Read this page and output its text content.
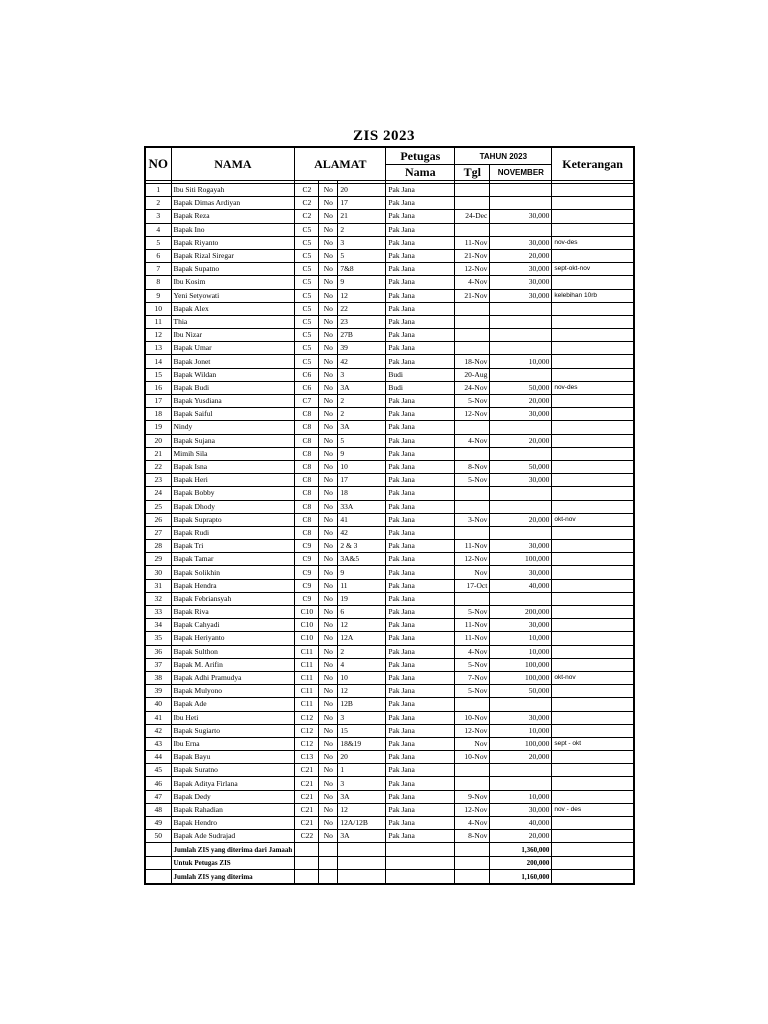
ZIS 2023
NO	NAMA	ALAMAT			Petugas	TAHUN 2023		Keterangan
					Nama	Tgl	NOVEMBER	

1	Ibu Siti Rogayah	C2	No	20	Pak Jana			
2	Bapak Dimas Ardiyan	C2	No	17	Pak Jana			
3	Bapak Reza	C2	No	21	Pak Jana	24-Dec	30,000	
4	Bapak Ino	C5	No	2	Pak Jana			
5	Bapak Riyanto	C5	No	3	Pak Jana	11-Nov	30,000	nov-des
6	Bapak Rizal Siregar	C5	No	5	Pak Jana	21-Nov	20,000	
7	Bapak Supatno	C5	No	7&8	Pak Jana	12-Nov	30,000	sept-okt-nov
8	Ibu Kosim	C5	No	9	Pak Jana	4-Nov	30,000	
9	Yeni Setyowati	C5	No	12	Pak Jana	21-Nov	30,000	kelebihan 10rb
10	Bapak Alex	C5	No	22	Pak Jana			
11	Thia	C5	No	23	Pak Jana			
12	Ibu Nizar	C5	No	27B	Pak Jana			
13	Bapak Umar	C5	No	39	Pak Jana			
14	Bapak Jonet	C5	No	42	Pak Jana	18-Nov	10,000	
15	Bapak Wildan	C6	No	3	Budi	20-Aug		
16	Bapak Budi	C6	No	3A	Budi	24-Nov	50,000	nov-des
17	Bapak Yusdiana	C7	No	2	Pak Jana	5-Nov	20,000	
18	Bapak Saiful	C8	No	2	Pak Jana	12-Nov	30,000	
19	Nindy	C8	No	3A	Pak Jana			
20	Bapak Sujana	C8	No	5	Pak Jana	4-Nov	20,000	
21	Mimih Sila	C8	No	9	Pak Jana			
22	Bapak Isna	C8	No	10	Pak Jana	8-Nov	50,000	
23	Bapak Heri	C8	No	17	Pak Jana	5-Nov	30,000	
24	Bapak Bobby	C8	No	18	Pak Jana			
25	Bapak Dhody	C8	No	33A	Pak Jana			
26	Bapak Suprapto	C8	No	41	Pak Jana	3-Nov	20,000	okt-nov
27	Bapak Rudi	C8	No	42	Pak Jana			
28	Bapak Tri	C9	No	2 & 3	Pak Jana	11-Nov	30,000	
29	Bapak Tamar	C9	No	3A&5	Pak Jana	12-Nov	100,000	
30	Bapak Solikhin	C9	No	9	Pak Jana	Nov	30,000	
31	Bapak Hendra	C9	No	11	Pak Jana	17-Oct	40,000	
32	Bapak Febriansyah	C9	No	19	Pak Jana			
33	Bapak Riva	C10	No	6	Pak Jana	5-Nov	200,000	
34	Bapak Cahyadi	C10	No	12	Pak Jana	11-Nov	30,000	
35	Bapak Heriyanto	C10	No	12A	Pak Jana	11-Nov	10,000	
36	Bapak Sulthon	C11	No	2	Pak Jana	4-Nov	10,000	
37	Bapak M. Arifin	C11	No	4	Pak Jana	5-Nov	100,000	
38	Bapak Adhi Pramudya	C11	No	10	Pak Jana	7-Nov	100,000	okt-nov
39	Bapak Mulyono	C11	No	12	Pak Jana	5-Nov	50,000	
40	Bapak Ade	C11	No	12B	Pak Jana			
41	Ibu Heti	C12	No	3	Pak Jana	10-Nov	30,000	
42	Bapak Sugiarto	C12	No	15	Pak Jana	12-Nov	10,000	
43	Ibu Erna	C12	No	18&19	Pak Jana	Nov	100,000	sept - okt
44	Bapak Bayu	C13	No	20	Pak Jana	10-Nov	20,000	
45	Bapak Suratno	C21	No	1	Pak Jana			
46	Bapak Aditya Firlana	C21	No	3	Pak Jana			
47	Bapak Dedy	C21	No	3A	Pak Jana	9-Nov	10,000	
48	Bapak Rahadian	C21	No	12	Pak Jana	12-Nov	30,000	nov - des
49	Bapak Hendro	C21	No	12A/12B	Pak Jana	4-Nov	40,000	
50	Bapak Ade Sudrajad	C22	No	3A	Pak Jana	8-Nov	20,000	
	Jumlah ZIS yang diterima dari Jamaah						1,360,000	
	Untuk Petugas ZIS						200,000	
	Jumlah ZIS yang diterima						1,160,000	
